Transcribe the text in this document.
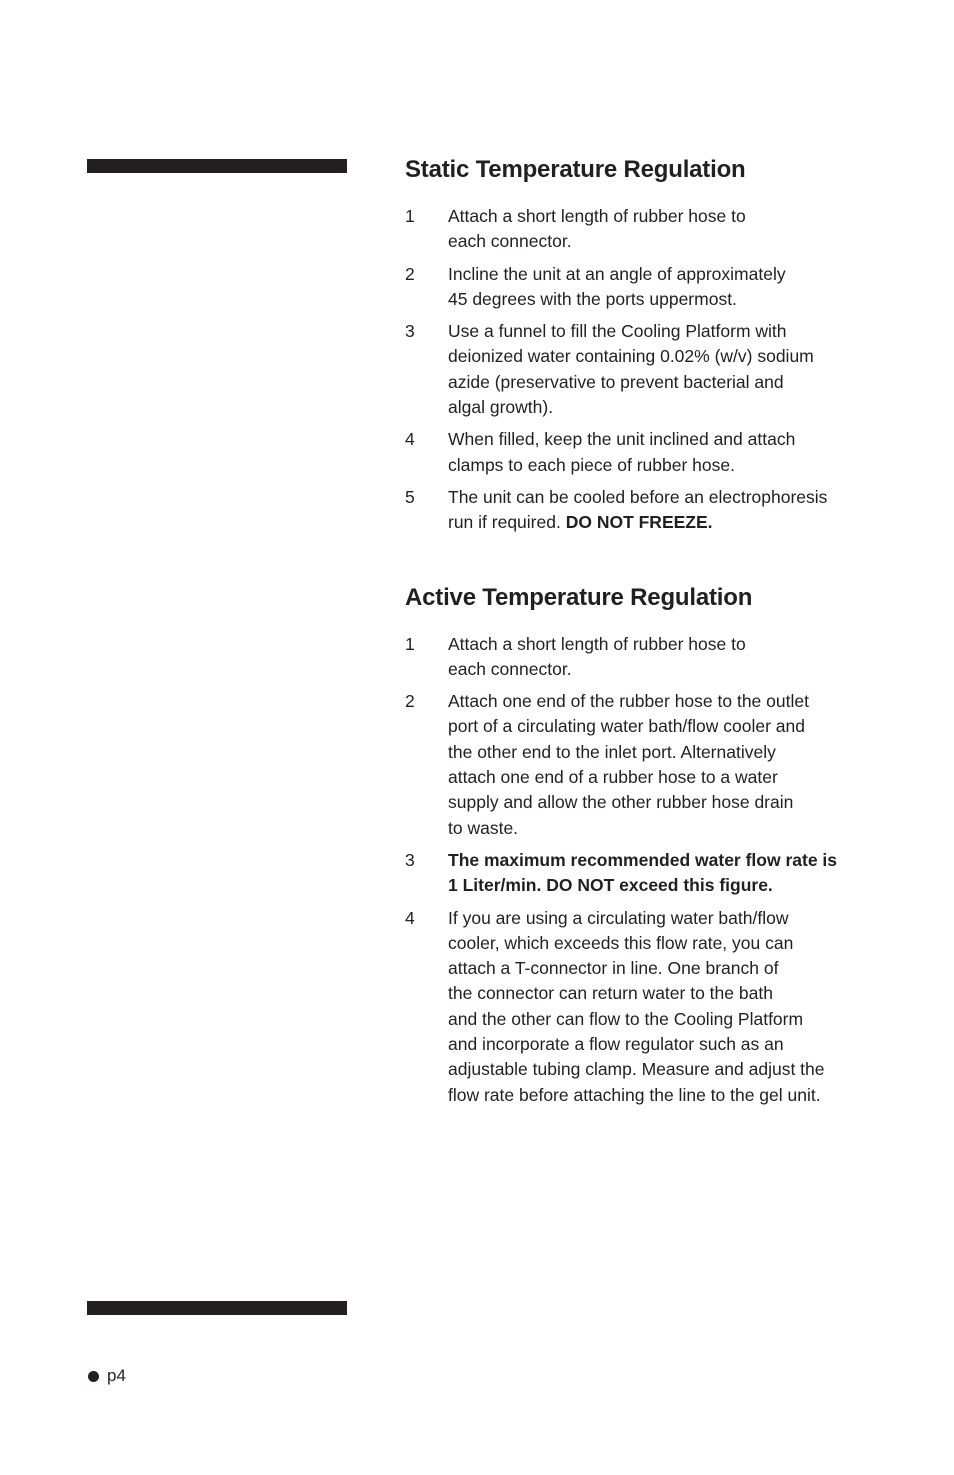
Static Temperature Regulation
1	Attach a short length of rubber hose to
each connector.
2	Incline the unit at an angle of approximately
45 degrees with the ports uppermost.
3	Use a funnel to fill the Cooling Platform with
deionized water containing 0.02% (w/v) sodium
azide (preservative to prevent bacterial and
algal growth).
4	When filled, keep the unit inclined and attach
clamps to each piece of rubber hose.
5	The unit can be cooled before an electrophoresis
run if required. DO NOT FREEZE.
Active Temperature Regulation
1	Attach a short length of rubber hose to
each connector.
2	Attach one end of the rubber hose to the outlet
port of a circulating water bath/flow cooler and
the other end to the inlet port. Alternatively
attach one end of a rubber hose to a water
supply and allow the other rubber hose drain
to waste.
3	The maximum recommended water flow rate is
1 Liter/min. DO NOT exceed this figure.
4	If you are using a circulating water bath/flow
cooler, which exceeds this flow rate, you can
attach a T-connector in line. One branch of
the connector can return water to the bath
and the other can flow to the Cooling Platform
and incorporate a flow regulator such as an
adjustable tubing clamp. Measure and adjust the
flow rate before attaching the line to the gel unit.
p4
